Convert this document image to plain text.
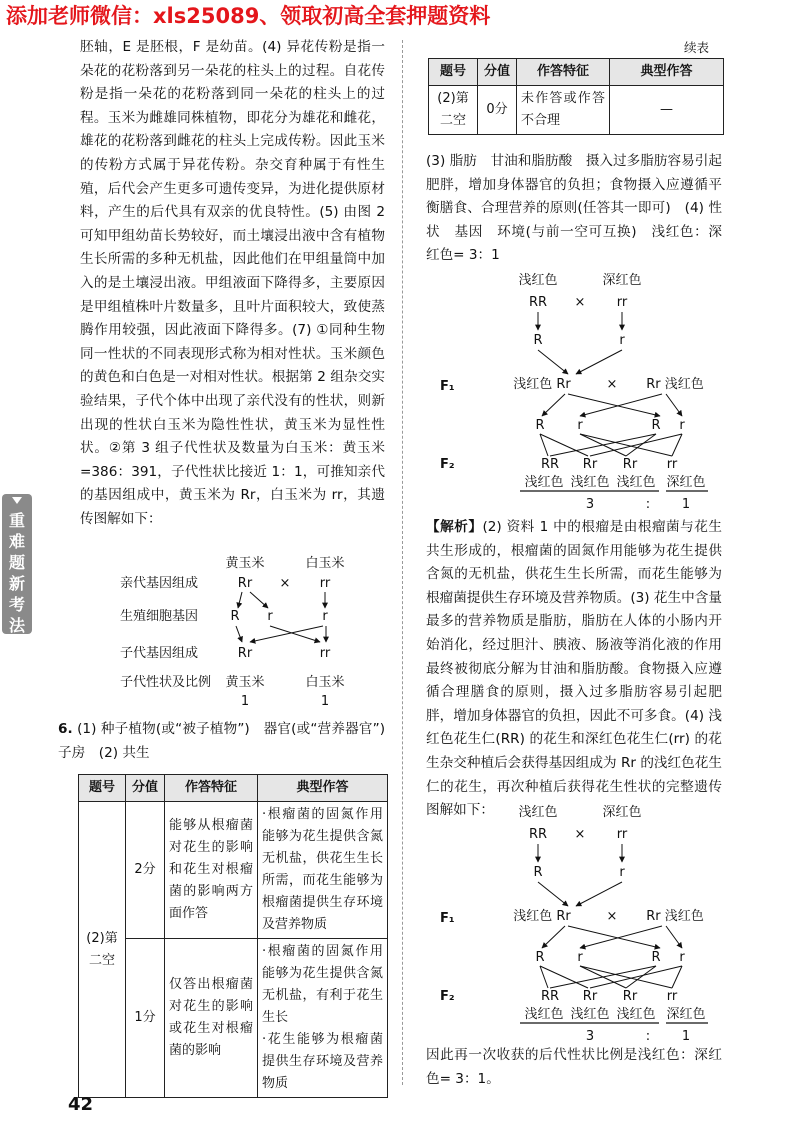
添加老师微信：xls25089、领取初高全套押题资料
续表
重难题新考法
胚轴，E 是胚根，F 是幼苗。(4) 异花传粉是指一朵花的花粉落到另一朵花的柱头上的过程。自花传粉是指一朵花的花粉落到同一朵花的柱头上的过程。玉米为雌雄同株植物，即花分为雄花和雌花，雄花的花粉落到雌花的柱头上完成传粉。因此玉米的传粉方式属于异花传粉。杂交育种属于有性生殖，后代会产生更多可遗传变异，为进化提供原材料，产生的后代具有双亲的优良特性。(5) 由图 2 可知甲组幼苗长势较好，而土壤浸出液中含有植物生长所需的多种无机盐，因此他们在甲组量筒中加入的是土壤浸出液。甲组液面下降得多，主要原因是甲组植株叶片数量多，且叶片面积较大，致使蒸腾作用较强，因此液面下降得多。(7) ①同种生物同一性状的不同表现形式称为相对性状。玉米颜色的黄色和白色是一对相对性状。根据第 2 组杂交实验结果，子代个体中出现了亲代没有的性状，则新出现的性状白玉米为隐性性状，黄玉米为显性性状。②第 3 组子代性状及数量为白玉米：黄玉米=386：391，子代性状比接近 1：1，可推知亲代的基因组成中，黄玉米为 Rr，白玉米为 rr，其遗传图解如下：
黄玉米	白玉米
亲代基因组成	Rr × rr
生殖细胞基因 R r	r
子代基因组成	Rr	rr
子代性状及比例 黄玉米	白玉米
1	1
6. (1) 种子植物(或“被子植物”)　器官(或“营养器官”)　子房　(2) 共生
题号	分值	作答特征	典型作答
(2)第二空	2分	能够从根瘤菌对花生的影响和花生对根瘤菌的影响两方面作答	·根瘤菌的固氮作用能够为花生提供含氮无机盐，供花生生长所需，而花生能够为根瘤菌提供生存环境及营养物质
	1分	仅答出根瘤菌对花生的影响或花生对根瘤菌的影响	·根瘤菌的固氮作用能够为花生提供含氮无机盐，有利于花生生长
·花生能够为根瘤菌提供生存环境及营养物质
42
题号	分值	作答特征	典型作答
(2)第二空	0分	未作答或作答不合理	—
(3) 脂肪　甘油和脂肪酸　摄入过多脂肪容易引起肥胖，增加身体器官的负担；食物摄入应遵循平衡膳食、合理营养的原则(任答其一即可)　(4) 性状　基因　环境(与前一空可互换)　浅红色：深红色= 3：1
浅红色	深红色
RR × rr
R	r
F₁	浅红色 Rr	× Rr 浅红色
R	r	R r
F₂	RR Rr Rr rr
浅红色 浅红色 浅红色 深红色
3	: 1
【解析】(2) 资料 1 中的根瘤是由根瘤菌与花生共生形成的，根瘤菌的固氮作用能够为花生提供含氮的无机盐，供花生生长所需，而花生能够为根瘤菌提供生存环境及营养物质。(3) 花生中含量最多的营养物质是脂肪，脂肪在人体的小肠内开始消化，经过胆汁、胰液、肠液等消化液的作用最终被彻底分解为甘油和脂肪酸。食物摄入应遵循合理膳食的原则，摄入过多脂肪容易引起肥胖，增加身体器官的负担，因此不可多食。(4) 浅红色花生仁(RR) 的花生和深红色花生仁(rr) 的花生杂交种植后会获得基因组成为 Rr 的浅红色花生仁的花生，再次种植后获得花生性状的完整遗传图解如下：	浅红色	深红色
RR × rr
R	r
F₁	浅红色 Rr	× Rr 浅红色
R	r	R r
F₂	RR Rr Rr rr
浅红色 浅红色 浅红色 深红色
3	: 1
因此再一次收获的后代性状比例是浅红色：深红色= 3：1。
